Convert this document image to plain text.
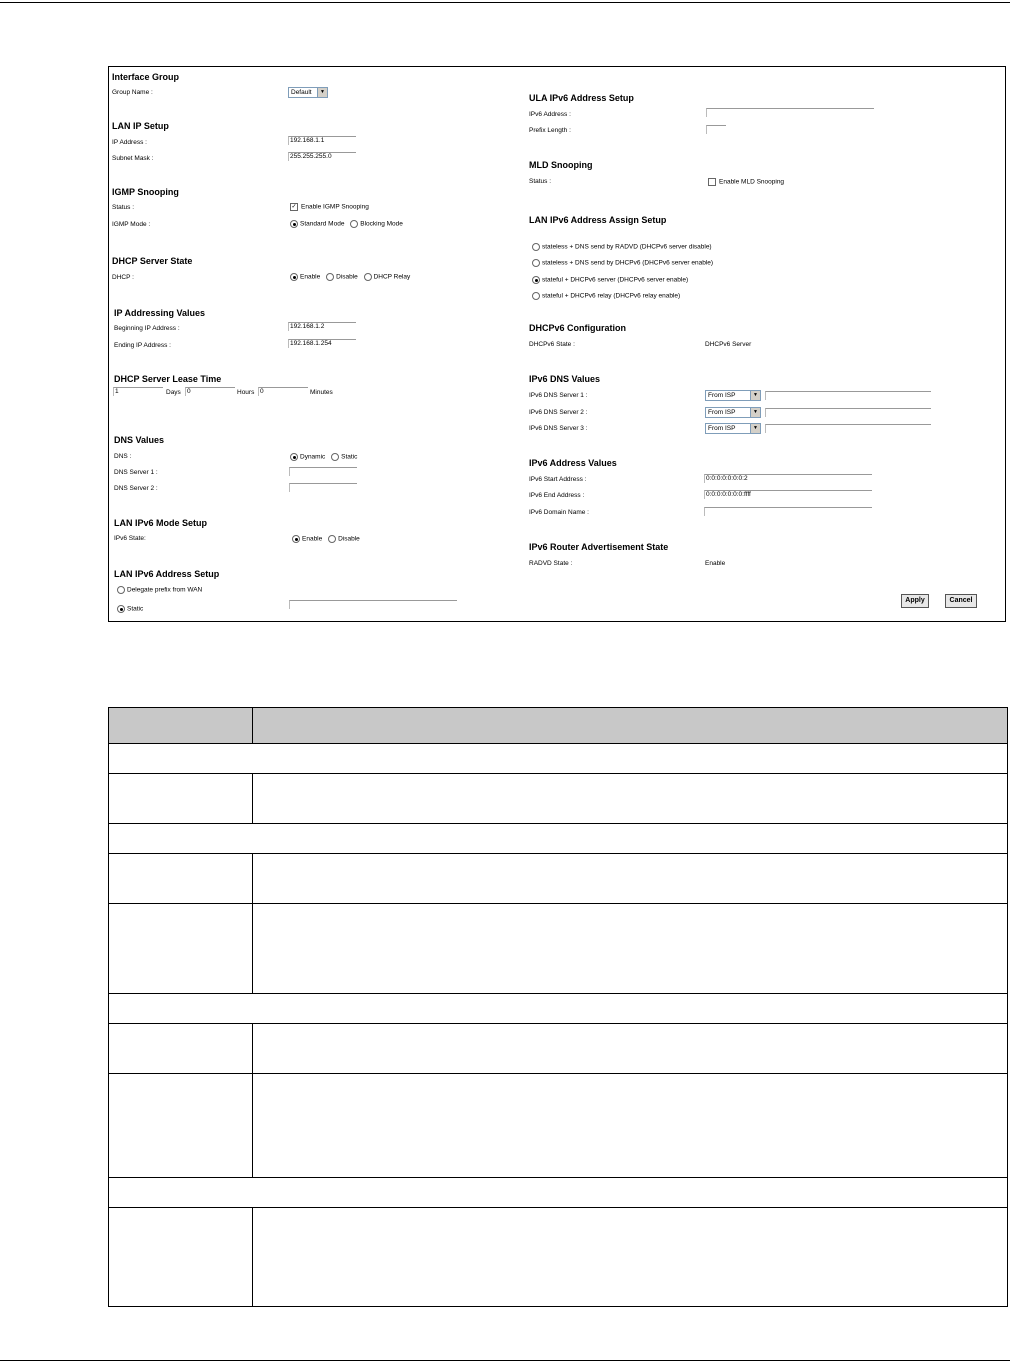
Interface Group
Group Name :	Default	▼
LAN IP Setup
IP Address :	192.168.1.1
Subnet Mask :	255.255.255.0
IGMP Snooping
Status :	✓ Enable IGMP Snooping
IGMP Mode :	Standard Mode Blocking Mode
DHCP Server State
DHCP :	Enable Disable DHCP Relay
IP Addressing Values
Beginning IP Address :	192.168.1.2
Ending IP Address :	192.168.1.254
DHCP Server Lease Time
1	Days 0	Hours 0	Minutes
DNS Values
DNS :	Dynamic Static
DNS Server 1 :
DNS Server 2 :
LAN IPv6 Mode Setup
IPv6 State:	Enable Disable
LAN IPv6 Address Setup
Delegate prefix from WAN
Static
ULA IPv6 Address Setup
IPv6 Address :
Prefix Length :
MLD Snooping
Status :	Enable MLD Snooping
LAN IPv6 Address Assign Setup
stateless + DNS send by RADVD (DHCPv6 server disable)
stateless + DNS send by DHCPv6 (DHCPv6 server enable)
stateful + DHCPv6 server (DHCPv6 server enable)
stateful + DHCPv6 relay (DHCPv6 relay enable)
DHCPv6 Configuration
DHCPv6 State :	DHCPv6 Server
IPv6 DNS Values
IPv6 DNS Server 1 :	From ISP	▼
IPv6 DNS Server 2 :	From ISP	▼
IPv6 DNS Server 3 :	From ISP	▼
IPv6 Address Values
IPv6 Start Address :	0:0:0:0:0:0:0:2
IPv6 End Address :	0:0:0:0:0:0:0:ffff
IPv6 Domain Name :
IPv6 Router Advertisement State
RADVD State :	Enable
Apply	Cancel
